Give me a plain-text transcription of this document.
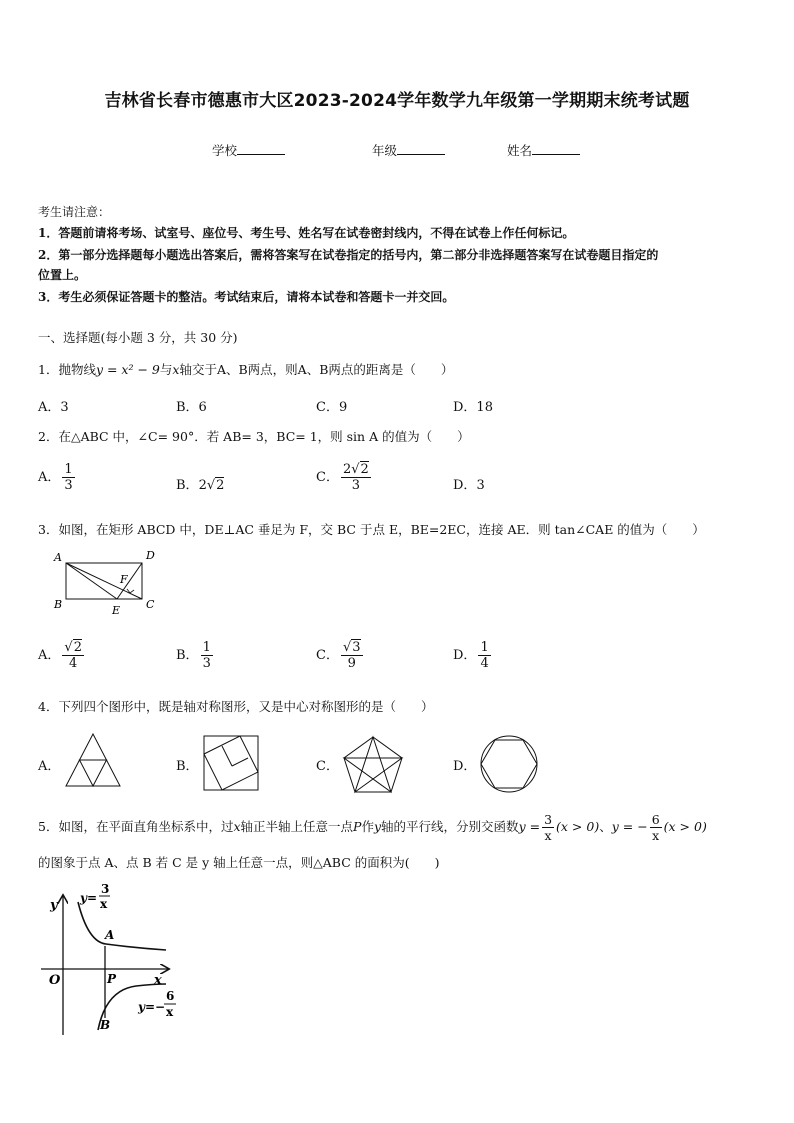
吉林省长春市德惠市大区2023-2024学年数学九年级第一学期期末统考试题
学校	年级	姓名
考生请注意：
1．答题前请将考场、试室号、座位号、考生号、姓名写在试卷密封线内，不得在试卷上作任何标记。
2．第一部分选择题每小题选出答案后，需将答案写在试卷指定的括号内，第二部分非选择题答案写在试卷题目指定的
位置上。
3．考生必须保证答题卡的整洁。考试结束后，请将本试卷和答题卡一并交回。
一、选择题(每小题 3 分，共 30 分)
1．抛物线y = x² − 9与x轴交于A、B两点，则A、B两点的距离是（　　）
A．3	B．6	C．9	D．18
2．在△ABC 中，∠C= 90°．若 AB= 3，BC= 1，则 sin A 的值为（　　）
A． $\frac{1}{3}$	B．2√2
C． $\frac{2√2}{3}$	D．3
3．如图，在矩形 ABCD 中，DE⊥AC 垂足为 F，交 BC 于点 E，BE=2EC，连接 AE．则 tan∠CAE 的值为（　　）
A	D
F
B	E C
A． $\frac{√2}{4}$	B． $\frac{1}{3}$	C． $\frac{√3}{9}$	D． $\frac{1}{4}$
4．下列四个图形中，既是轴对称图形，又是中心对称图形的是（　　）
A．	B．	C．	D．
5．如图，在平面直角坐标系中，过x轴正半轴上任意一点P作y轴的平行线，分别交函数$y = \frac{3}{x} (x > 0)$、y = − $\frac{6}{x} (x > 0)$
的图象于点 A、点 B 若 C 是 y 轴上任意一点，则△ABC 的面积为(　　)
y y=
3
x
A
O	P	x
y=−
6
x
B
